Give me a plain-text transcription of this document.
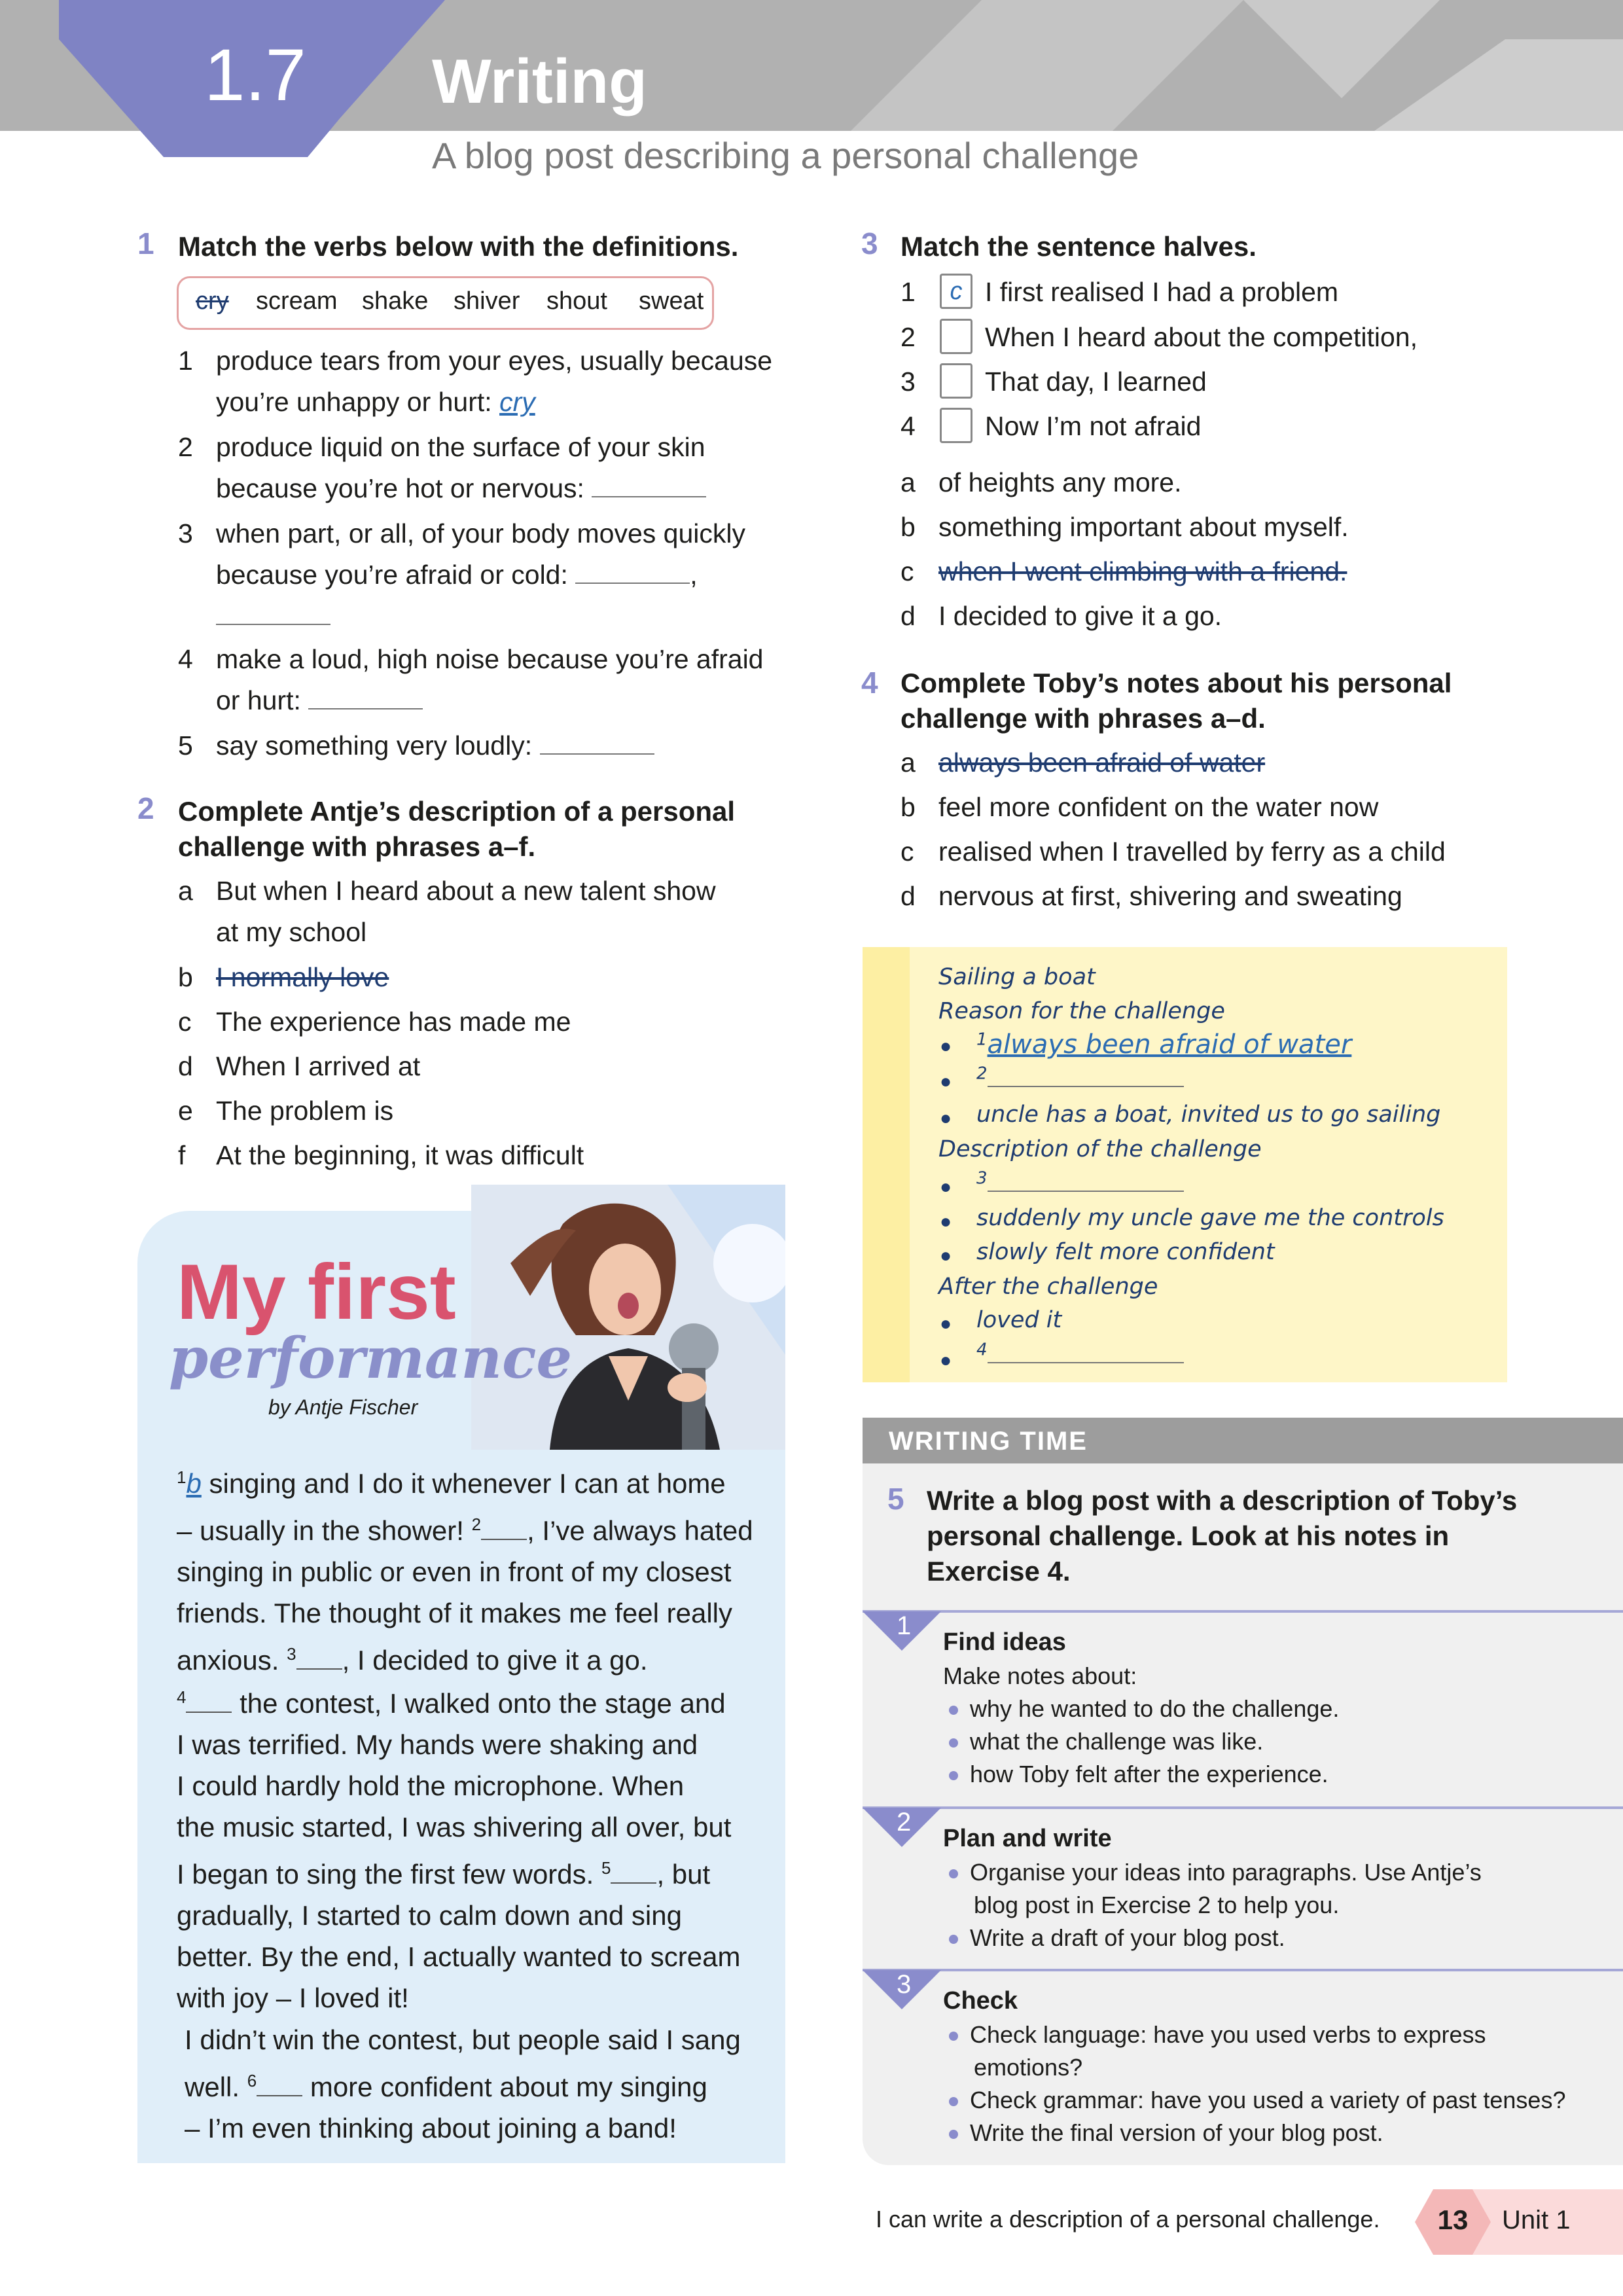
1.7	Writing
A blog post describing a personal challenge
1 Match the verbs below with the definitions.
cry scream shake shiver shout sweat
1 produce tears from your eyes, usually because
you’re unhappy or hurt: cry
2 produce liquid on the surface of your skin
because you’re hot or nervous:
3 when part, or all, of your body moves quickly
because you’re afraid or cold:	,
4 make a loud, high noise because you’re afraid
or hurt:
5 say something very loudly:
2 Complete Antje’s description of a personal
challenge with phrases a–f.
a But when I heard about a new talent show
at my school
b I normally love
c The experience has made me
d When I arrived at
e The problem is
f At the beginning, it was difficult
My first
performance
by Antje Fischer
$^1$b singing and I do it whenever I can at home
– usually in the shower! $^2$ , I’ve always hated
singing in public or even in front of my closest
friends. The thought of it makes me feel really
anxious. $^3$ , I decided to give it a go.
$^4$ the contest, I walked onto the stage and
I was terrified. My hands were shaking and
I could hardly hold the microphone. When
the music started, I was shivering all over, but
I began to sing the first few words. $^5$ , but
gradually, I started to calm down and sing
better. By the end, I actually wanted to scream
with joy – I loved it!
I didn’t win the contest, but people said I sang
well. $^6$ more confident about my singing
– I’m even thinking about joining a band!
3 Match the sentence halves.
1	c I first realised I had a problem
2	When I heard about the competition,
3	That day, I learned
4	Now I’m not afraid
a of heights any more.
b something important about myself.
c when I went climbing with a friend.
d I decided to give it a go.
4 Complete Toby’s notes about his personal
challenge with phrases a–d.
a always been afraid of water
b feel more confident on the water now
c realised when I travelled by ferry as a child
d nervous at first, shivering and sweating
Sailing a boat
Reason for the challenge
● $^1$always been afraid of water
● $^2$
● uncle has a boat, invited us to go sailing
Description of the challenge
● $^3$
● suddenly my uncle gave me the controls
● slowly felt more confident
After the challenge
● loved it
● $^4$
WRITING TIME
5 Write a blog post with a description of Toby’s
personal challenge. Look at his notes in
Exercise 4.
1
Find ideas
Make notes about:
why he wanted to do the challenge.
what the challenge was like.
how Toby felt after the experience.
2
Plan and write
Organise your ideas into paragraphs. Use Antje’s
blog post in Exercise 2 to help you.
Write a draft of your blog post.
3
Check
Check language: have you used verbs to express
emotions?
Check grammar: have you used a variety of past tenses?
Write the final version of your blog post.
I can write a description of a personal challenge.	13	Unit 1
